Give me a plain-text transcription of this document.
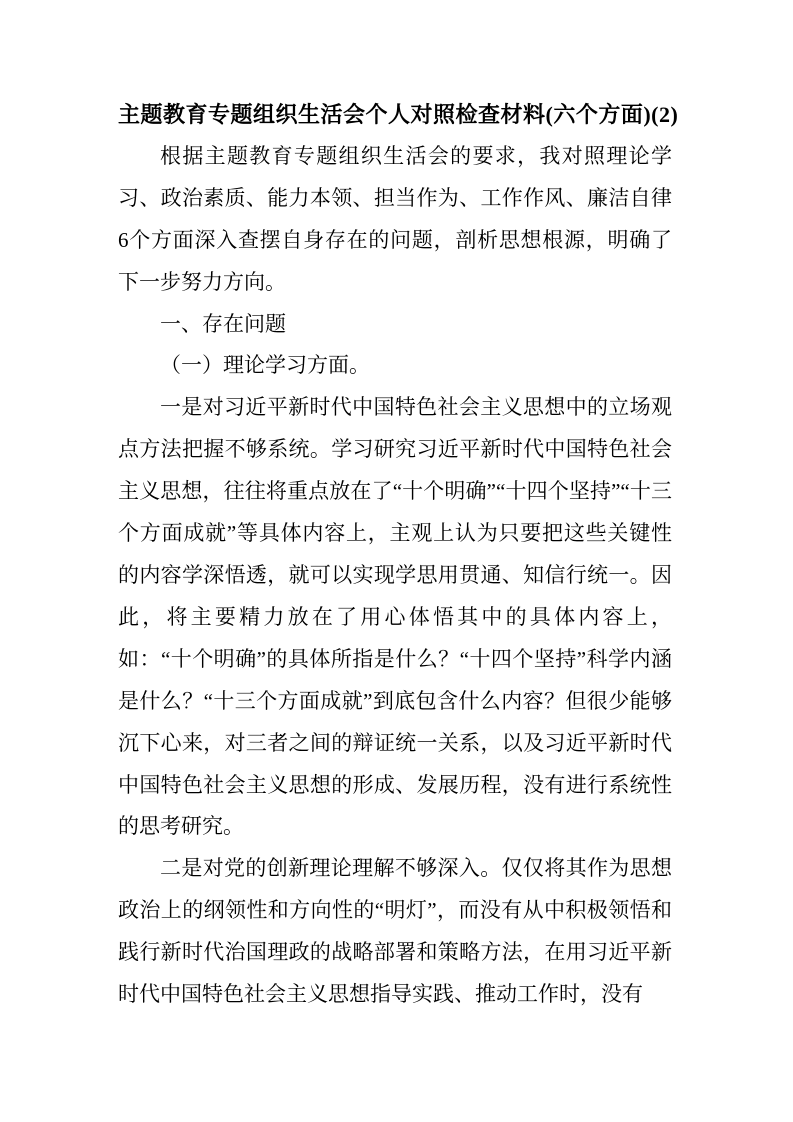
主题教育专题组织生活会个人对照检查材料(六个方面)(2)

根据主题教育专题组织生活会的要求，我对照理论学习、政治素质、能力本领、担当作为、工作作风、廉洁自律6个方面深入查摆自身存在的问题，剖析思想根源，明确了下一步努力方向。

一、存在问题

（一）理论学习方面。

一是对习近平新时代中国特色社会主义思想中的立场观点方法把握不够系统。学习研究习近平新时代中国特色社会主义思想，往往将重点放在了“十个明确”“十四个坚持”“十三个方面成就”等具体内容上，主观上认为只要把这些关键性的内容学深悟透，就可以实现学思用贯通、知信行统一。因此，将主要精力放在了用心体悟其中的具体内容上，如：“十个明确”的具体所指是什么？“十四个坚持”科学内涵是什么？“十三个方面成就”到底包含什么内容？但很少能够沉下心来，对三者之间的辩证统一关系，以及习近平新时代中国特色社会主义思想的形成、发展历程，没有进行系统性的思考研究。

二是对党的创新理论理解不够深入。仅仅将其作为思想政治上的纲领性和方向性的“明灯”，而没有从中积极领悟和践行新时代治国理政的战略部署和策略方法，在用习近平新时代中国特色社会主义思想指导实践、推动工作时，没有
